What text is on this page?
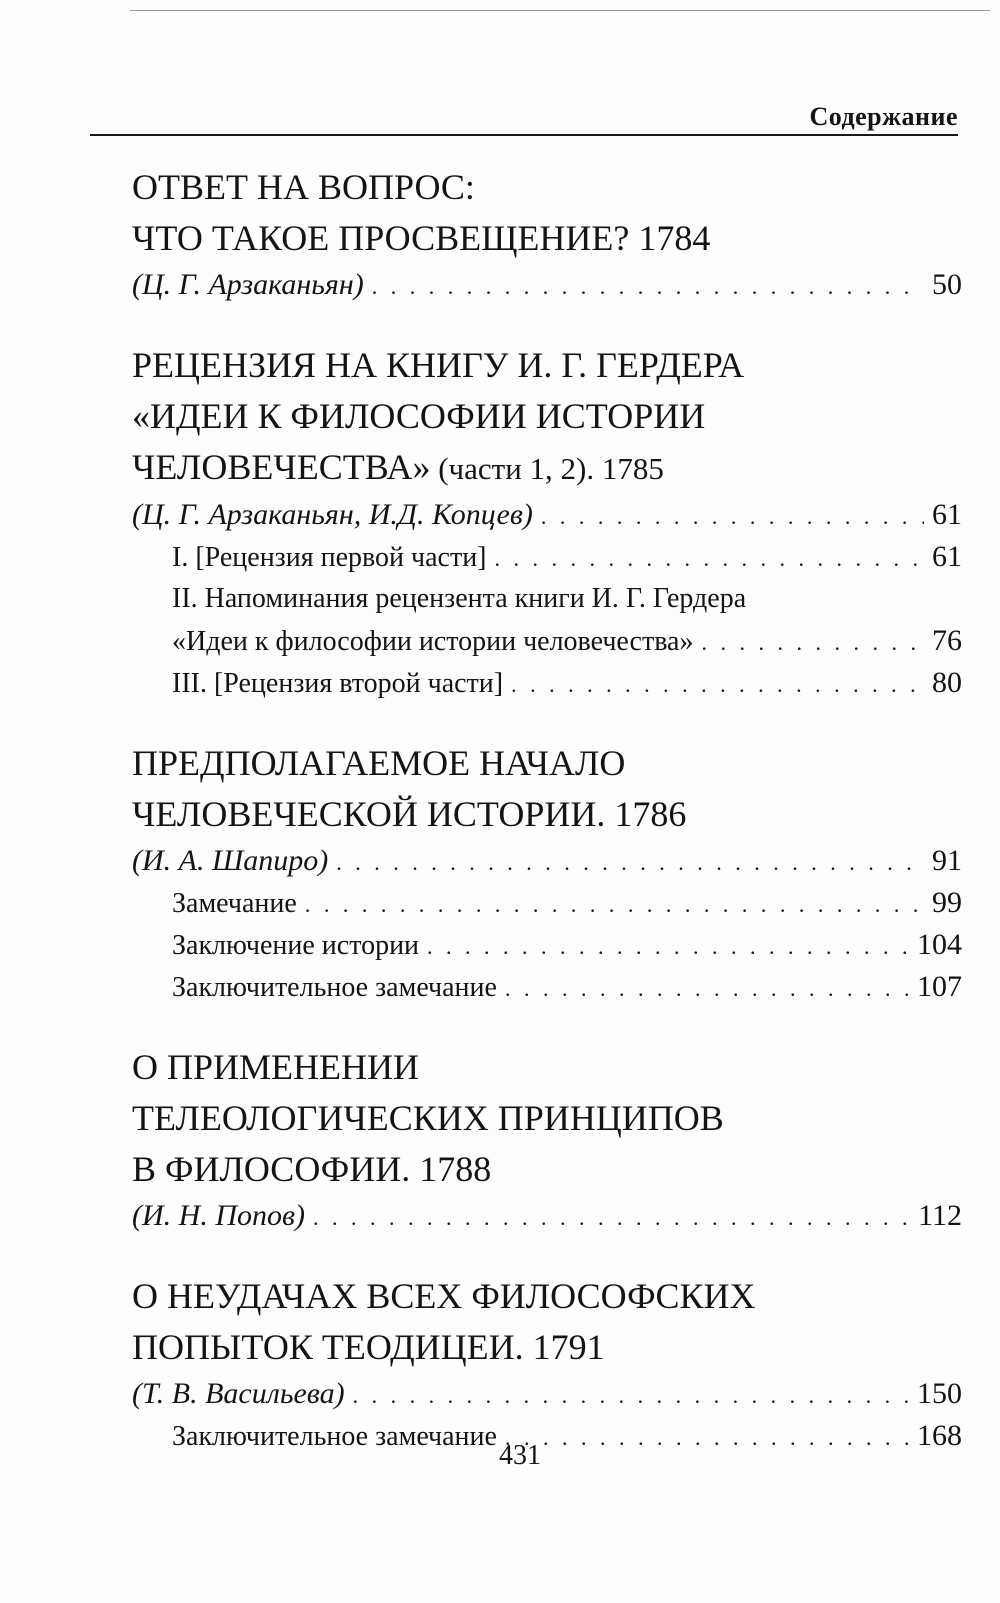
Содержание
ОТВЕТ НА ВОПРОС:
ЧТО ТАКОЕ ПРОСВЕЩЕНИЕ? 1784
(Ц. Г. Арзаканьян) . . .	50
РЕЦЕНЗИЯ НА КНИГУ И. Г. ГЕРДЕРА
«ИДЕИ К ФИЛОСОФИИ ИСТОРИИ
ЧЕЛОВЕЧЕСТВА» (части 1, 2). 1785
(Ц. Г. Арзаканьян, И.Д. Копцев) . . .	61
I. [Рецензия первой части] . . .	61
II. Напоминания рецензента книги И. Г. Гердера
«Идеи к философии истории человечества» . . .	76
III. [Рецензия второй части] . . .	80
ПРЕДПОЛАГАЕМОЕ НАЧАЛО
ЧЕЛОВЕЧЕСКОЙ ИСТОРИИ. 1786
(И. А. Шапиро) . . .	91
Замечание . . .	99
Заключение истории . . .	104
Заключительное замечание . . .	107
О ПРИМЕНЕНИИ
ТЕЛЕОЛОГИЧЕСКИХ ПРИНЦИПОВ
В ФИЛОСОФИИ. 1788
(И. Н. Попов) . . .	112
О НЕУДАЧАХ ВСЕХ ФИЛОСОФСКИХ
ПОПЫТОК ТЕОДИЦЕИ. 1791
(Т. В. Васильева) . . .	150
Заключительное замечание . . .	168
431
